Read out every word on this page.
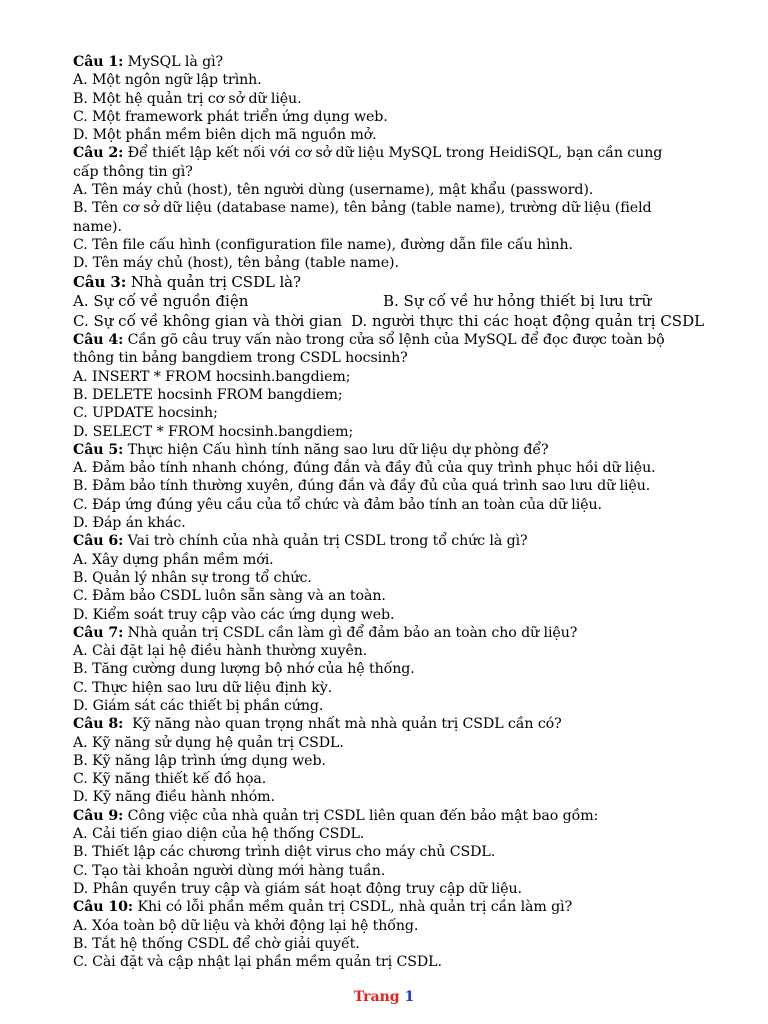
Câu 1: MySQL là gì?
A. Một ngôn ngữ lập trình.
B. Một hệ quản trị cơ sở dữ liệu.
C. Một framework phát triển ứng dụng web.
D. Một phần mềm biên dịch mã nguồn mở.
Câu 2: Để thiết lập kết nối với cơ sở dữ liệu MySQL trong HeidiSQL, bạn cần cung
cấp thông tin gì?
A. Tên máy chủ (host), tên người dùng (username), mật khẩu (password).
B. Tên cơ sở dữ liệu (database name), tên bảng (table name), trường dữ liệu (field
name).
C. Tên file cấu hình (configuration file name), đường dẫn file cấu hình.
D. Tên máy chủ (host), tên bảng (table name).
Câu 3: Nhà quản trị CSDL là?
A. Sự cố về nguồn điện	B. Sự cố về hư hỏng thiết bị lưu trữ
C. Sự cố về không gian và thời gian D. người thực thi các hoạt động quản trị CSDL
Câu 4: Cần gõ câu truy vấn nào trong cửa sổ lệnh của MySQL để đọc được toàn bộ
thông tin bảng bangdiem trong CSDL hocsinh?
A. INSERT * FROM hocsinh.bangdiem;
B. DELETE hocsinh FROM bangdiem;
C. UPDATE hocsinh;
D. SELECT * FROM hocsinh.bangdiem;
Câu 5: Thực hiện Cấu hình tính năng sao lưu dữ liệu dự phòng để?
A. Đảm bảo tính nhanh chóng, đúng đắn và đầy đủ của quy trình phục hồi dữ liệu.
B. Đảm bảo tính thường xuyên, đúng đắn và đầy đủ của quá trình sao lưu dữ liệu.
C. Đáp ứng đúng yêu cầu của tổ chức và đảm bảo tính an toàn của dữ liệu.
D. Đáp án khác.
Câu 6: Vai trò chính của nhà quản trị CSDL trong tổ chức là gì?
A. Xây dựng phần mềm mới.
B. Quản lý nhân sự trong tổ chức.
C. Đảm bảo CSDL luôn sẵn sàng và an toàn.
D. Kiểm soát truy cập vào các ứng dụng web.
Câu 7: Nhà quản trị CSDL cần làm gì để đảm bảo an toàn cho dữ liệu?
A. Cài đặt lại hệ điều hành thường xuyên.
B. Tăng cường dung lượng bộ nhớ của hệ thống.
C. Thực hiện sao lưu dữ liệu định kỳ.
D. Giám sát các thiết bị phần cứng.
Câu 8:  Kỹ năng nào quan trọng nhất mà nhà quản trị CSDL cần có?
A. Kỹ năng sử dụng hệ quản trị CSDL.
B. Kỹ năng lập trình ứng dụng web.
C. Kỹ năng thiết kế đồ họa.
D. Kỹ năng điều hành nhóm.
Câu 9: Công việc của nhà quản trị CSDL liên quan đến bảo mật bao gồm:
A. Cải tiến giao diện của hệ thống CSDL.
B. Thiết lập các chương trình diệt virus cho máy chủ CSDL.
C. Tạo tài khoản người dùng mới hàng tuần.
D. Phân quyền truy cập và giám sát hoạt động truy cập dữ liệu.
Câu 10: Khi có lỗi phần mềm quản trị CSDL, nhà quản trị cần làm gì?
A. Xóa toàn bộ dữ liệu và khởi động lại hệ thống.
B. Tắt hệ thống CSDL để chờ giải quyết.
C. Cài đặt và cập nhật lại phần mềm quản trị CSDL.
Trang 1
